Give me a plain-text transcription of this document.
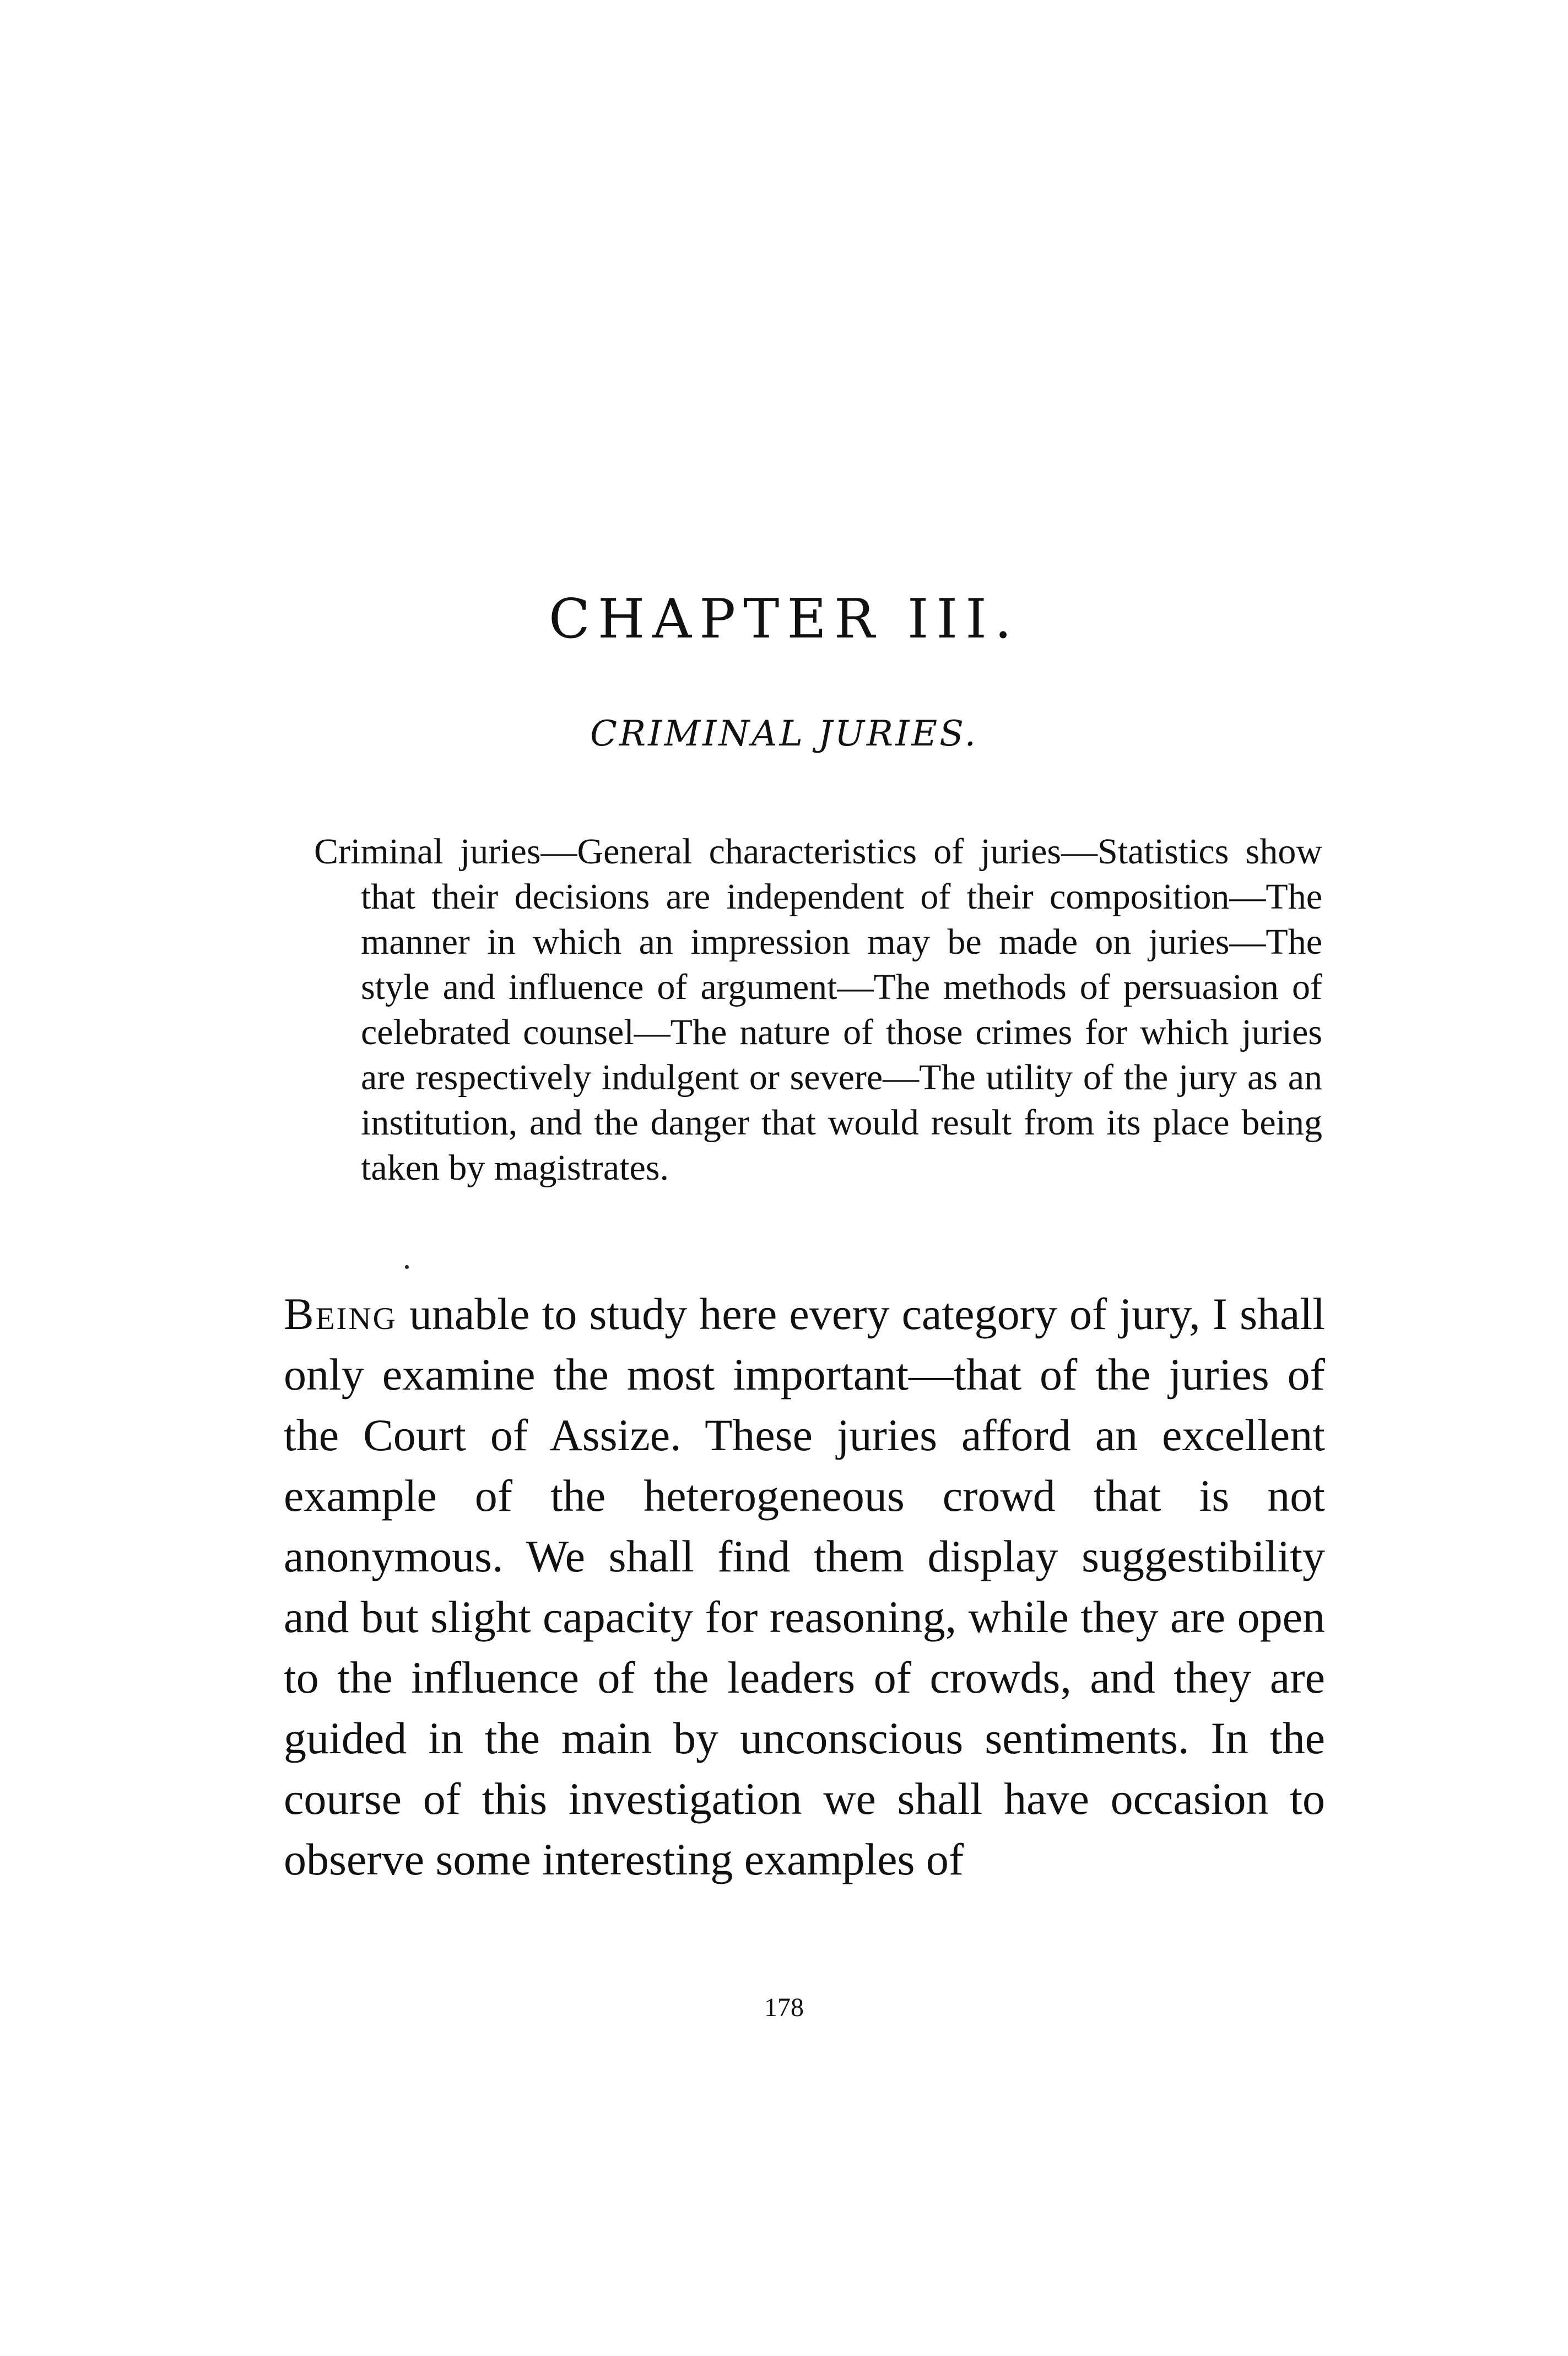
CHAPTER III.
CRIMINAL JURIES.
Criminal juries—General characteristics of juries—Statistics show that their decisions are independent of their composition—The manner in which an impression may be made on juries—The style and influence of argument—The methods of persuasion of celebrated counsel—The nature of those crimes for which juries are respectively indulgent or severe—The utility of the jury as an institution, and the danger that would result from its place being taken by magistrates.
Being unable to study here every category of jury, I shall only examine the most important—that of the juries of the Court of Assize. These juries afford an excellent example of the heterogeneous crowd that is not anonymous. We shall find them display suggestibility and but slight capacity for reasoning, while they are open to the influence of the leaders of crowds, and they are guided in the main by unconscious sentiments. In the course of this investigation we shall have occasion to observe some interesting examples of
178
